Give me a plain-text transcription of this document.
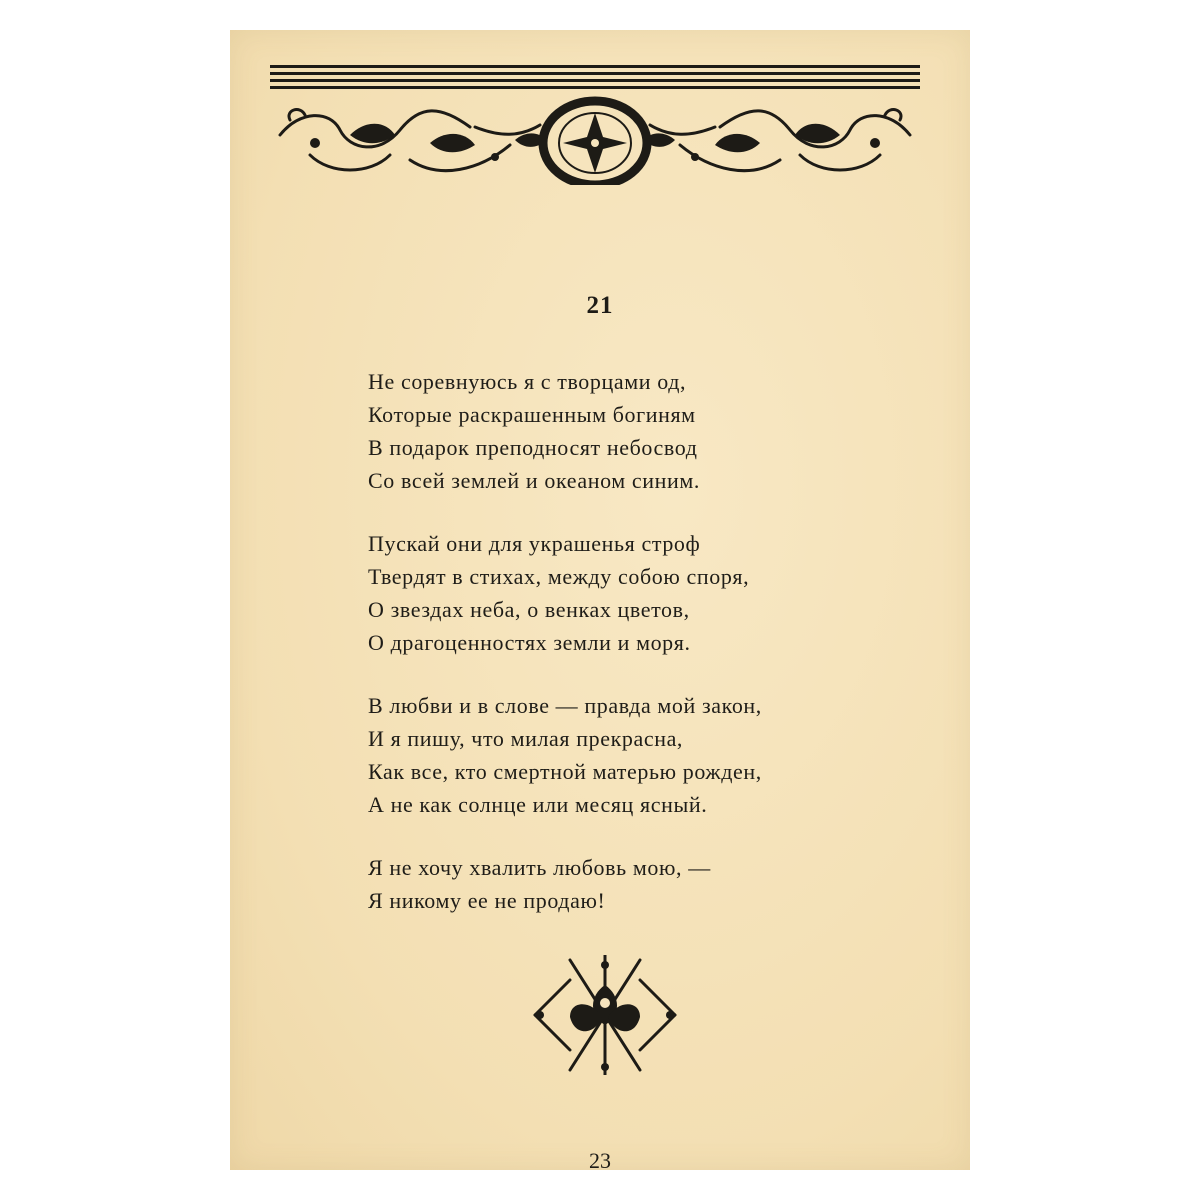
21
Не соревнуюсь я с творцами од,
Которые раскрашенным богиням
В подарок преподносят небосвод
Со всей землей и океаном синим.
Пускай они для украшенья строф
Твердят в стихах, между собою споря,
О звездах неба, о венках цветов,
О драгоценностях земли и моря.
В любви и в слове — правда мой закон,
И я пишу, что милая прекрасна,
Как все, кто смертной матерью рожден,
А не как солнце или месяц ясный.
Я не хочу хвалить любовь мою, —
Я никому ее не продаю!
23
